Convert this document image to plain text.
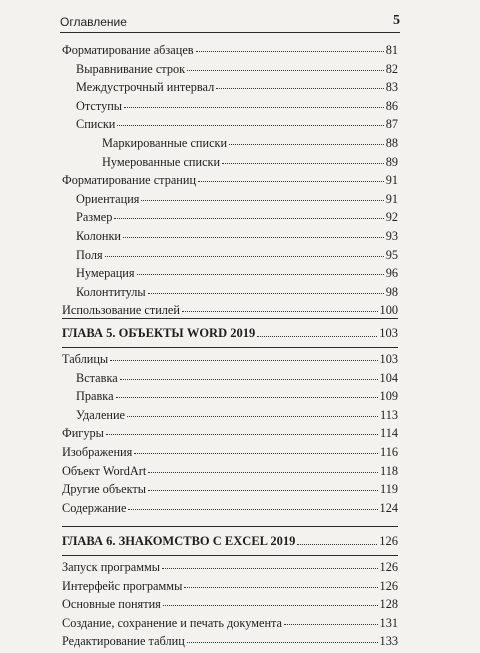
Оглавление	5
Форматирование абзацев	81
Выравнивание строк	82
Междустрочный интервал	83
Отступы	86
Списки	87
Маркированные списки	88
Нумерованные списки	89
Форматирование страниц	91
Ориентация	91
Размер	92
Колонки	93
Поля	95
Нумерация	96
Колонтитулы	98
Использование стилей	100
ГЛАВА 5. ОБЪЕКТЫ WORD 2019	103
Таблицы	103
Вставка	104
Правка	109
Удаление	113
Фигуры	114
Изображения	116
Объект WordArt	118
Другие объекты	119
Содержание	124
ГЛАВА 6. ЗНАКОМСТВО С EXCEL 2019	126
Запуск программы	126
Интерфейс программы	126
Основные понятия	128
Создание, сохранение и печать документа	131
Редактирование таблиц	133
